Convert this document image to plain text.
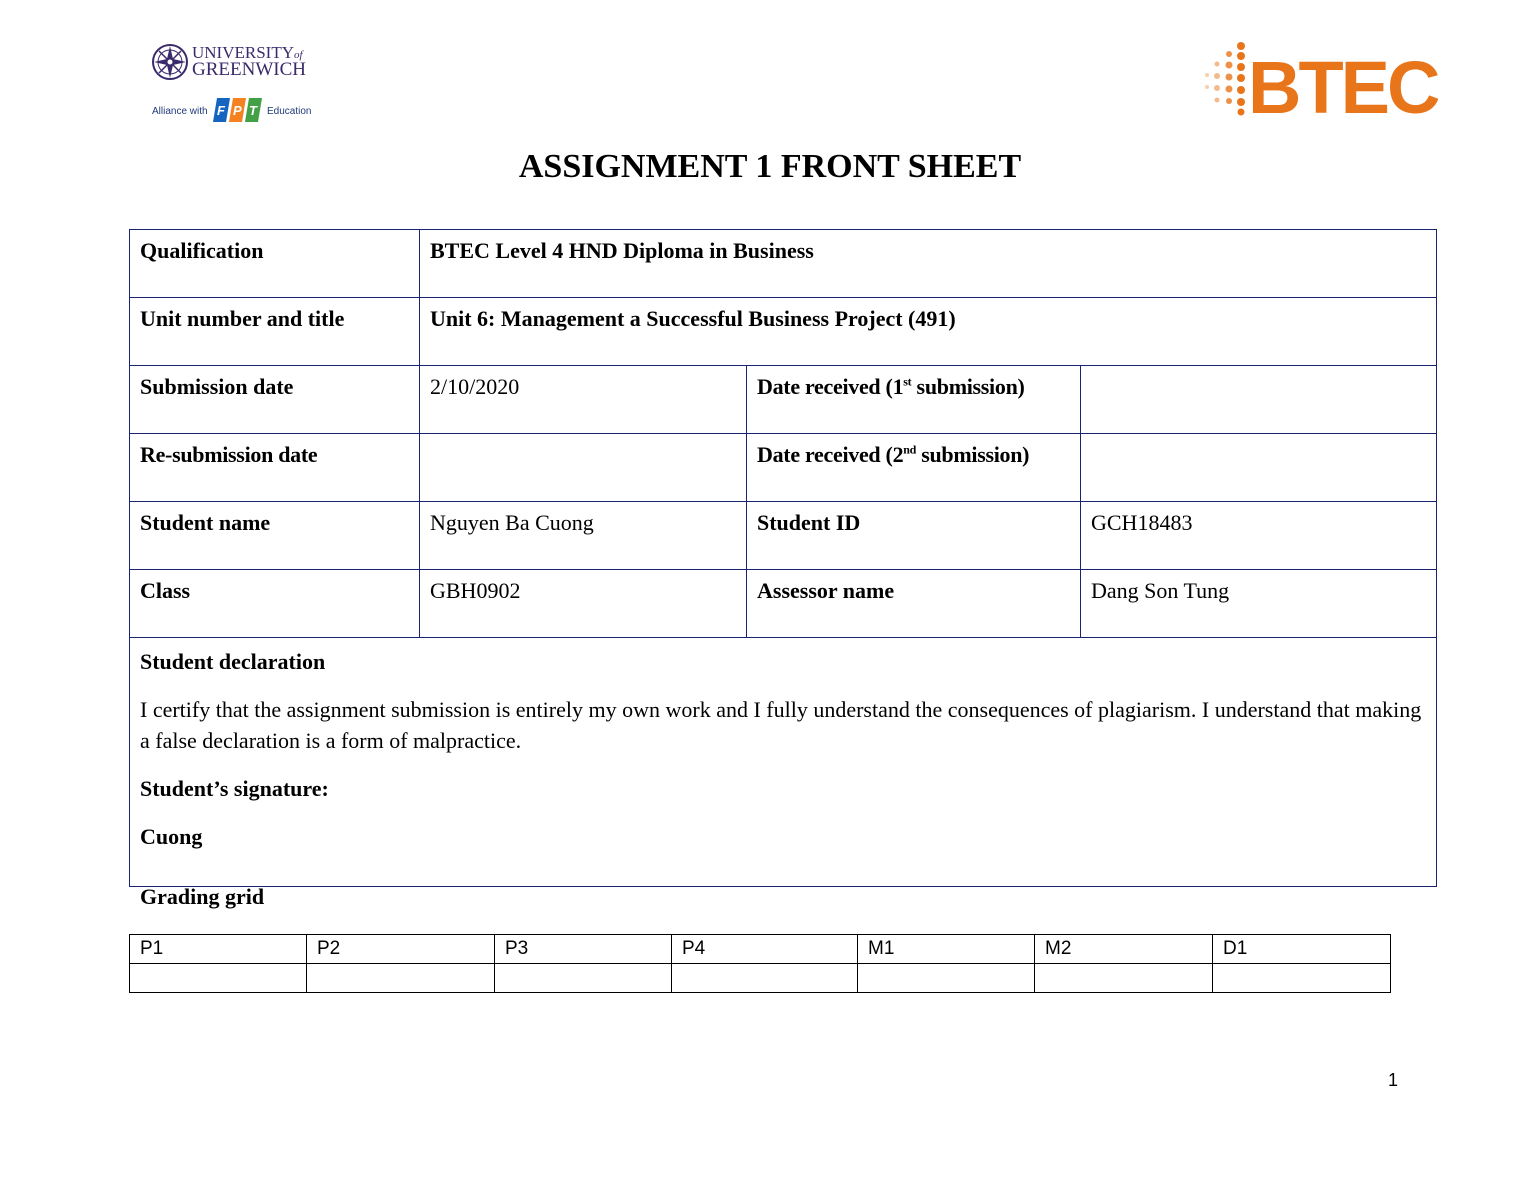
UNIVERSITY of
GREENWICH
Alliance with F P T Education	BTEC
ASSIGNMENT 1 FRONT SHEET
Qualification	BTEC Level 4 HND Diploma in Business		
Unit number and title	Unit 6: Management a Successful Business Project (491)		
Submission date	2/10/2020	Date received (1st submission)	
Re-submission date		Date received (2nd submission)	
Student name	Nguyen Ba Cuong	Student ID	GCH18483
Class	GBH0902	Assessor name	Dang Son Tung

Student declaration

I certify that the assignment submission is entirely my own work and I fully understand the consequences of plagiarism. I understand that making a false declaration is a form of malpractice.

Student’s signature:

Cuong			

Grading grid
P1	P2	P3	P4	M1	M2	D1

1
